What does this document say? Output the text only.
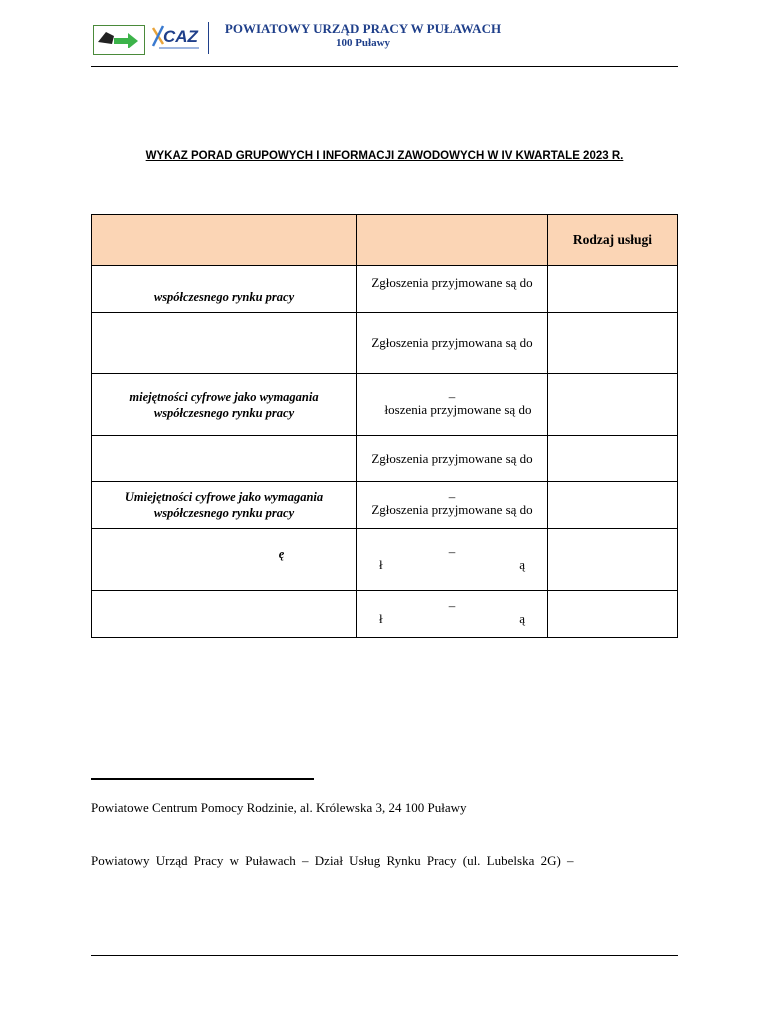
CAZ	POWIATOWY URZĄD PRACY W PUŁAWACH
100 Puławy
WYKAZ PORAD GRUPOWYCH I INFORMACJI ZAWODOWYCH W IV KWARTALE 2023 R.
		Rodzaj usługi

współczesnego rynku pracy	Zgłoszenia przyjmowane są do	

	Zgłoszenia przyjmowana są do	

miejętności cyfrowe jako wymagania współczesnego rynku pracy	–
łoszenia przyjmowane są do	

	Zgłoszenia przyjmowane są do	

Umiejętności cyfrowe jako wymagania współczesnego rynku pracy	–
Zgłoszenia przyjmowane są do	

ę	–
ł ą	

	–
ł ą	

Powiatowe Centrum Pomocy Rodzinie, al. Królewska 3, 24 100 Puławy
Powiatowy Urząd Pracy w Puławach – Dział Usług Rynku Pracy (ul. Lubelska 2G) –
